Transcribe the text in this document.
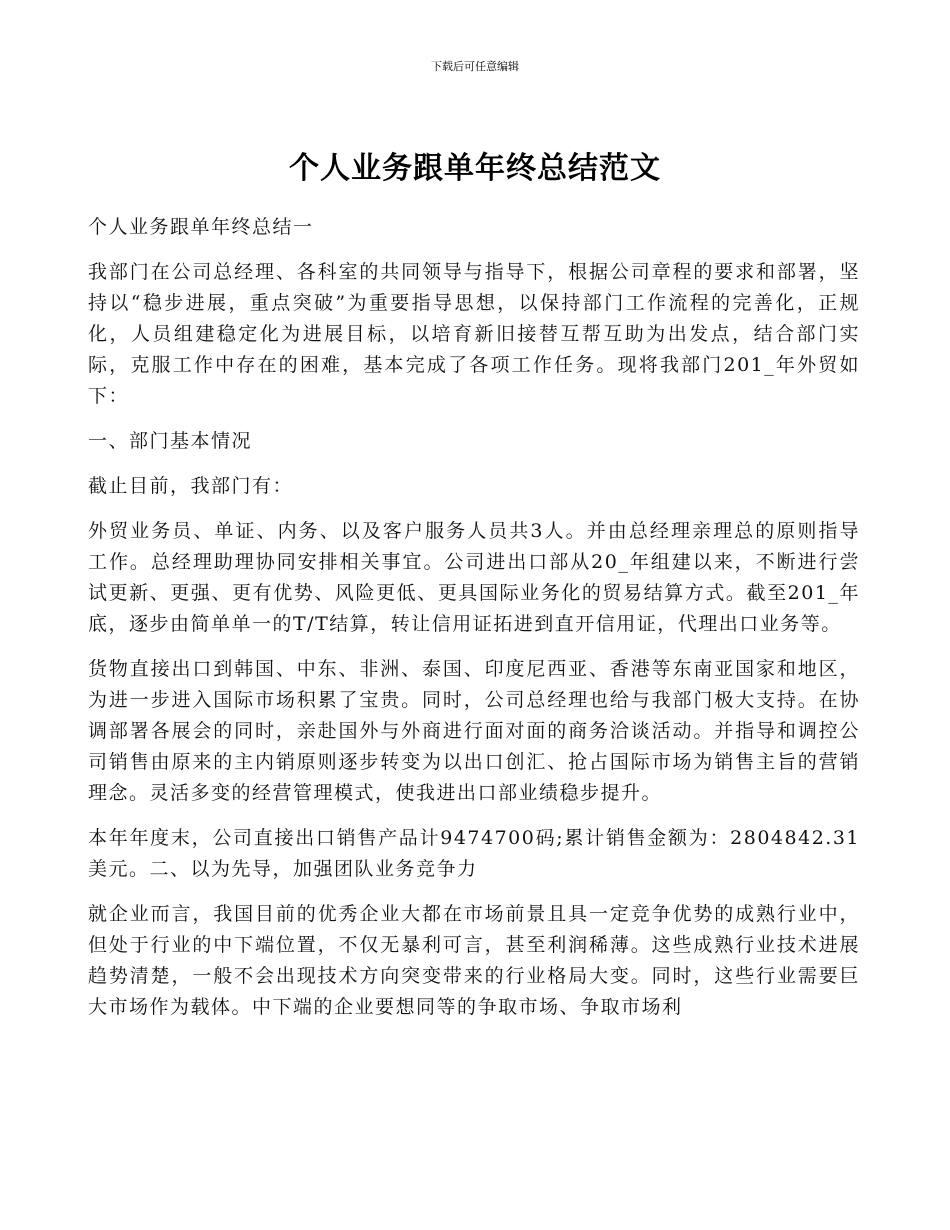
下载后可任意编辑
个人业务跟单年终总结范文

个人业务跟单年终总结一

我部门在公司总经理、各科室的共同领导与指导下，根据公司章程的要求和部署，坚持以“稳步进展，重点突破”为重要指导思想，以保持部门工作流程的完善化，正规化，人员组建稳定化为进展目标，以培育新旧接替互帮互助为出发点，结合部门实际，克服工作中存在的困难，基本完成了各项工作任务。现将我部门201_年外贸如下：

一、部门基本情况

截止目前，我部门有：

外贸业务员、单证、内务、以及客户服务人员共3人。并由总经理亲理总的原则指导工作。总经理助理协同安排相关事宜。公司进出口部从20_年组建以来，不断进行尝试更新、更强、更有优势、风险更低、更具国际业务化的贸易结算方式。截至201_年底，逐步由简单单一的T/T结算，转让信用证拓进到直开信用证，代理出口业务等。

货物直接出口到韩国、中东、非洲、泰国、印度尼西亚、香港等东南亚国家和地区，为进一步进入国际市场积累了宝贵。同时，公司总经理也给与我部门极大支持。在协调部署各展会的同时，亲赴国外与外商进行面对面的商务洽谈活动。并指导和调控公司销售由原来的主内销原则逐步转变为以出口创汇、抢占国际市场为销售主旨的营销理念。灵活多变的经营管理模式，使我进出口部业绩稳步提升。

本年年度末，公司直接出口销售产品计9474700码;累计销售金额为：2804842.31美元。二、以为先导，加强团队业务竞争力

就企业而言，我国目前的优秀企业大都在市场前景且具一定竞争优势的成熟行业中，但处于行业的中下端位置，不仅无暴利可言，甚至利润稀薄。这些成熟行业技术进展趋势清楚，一般不会出现技术方向突变带来的行业格局大变。同时，这些行业需要巨大市场作为载体。中下端的企业要想同等的争取市场、争取市场利
